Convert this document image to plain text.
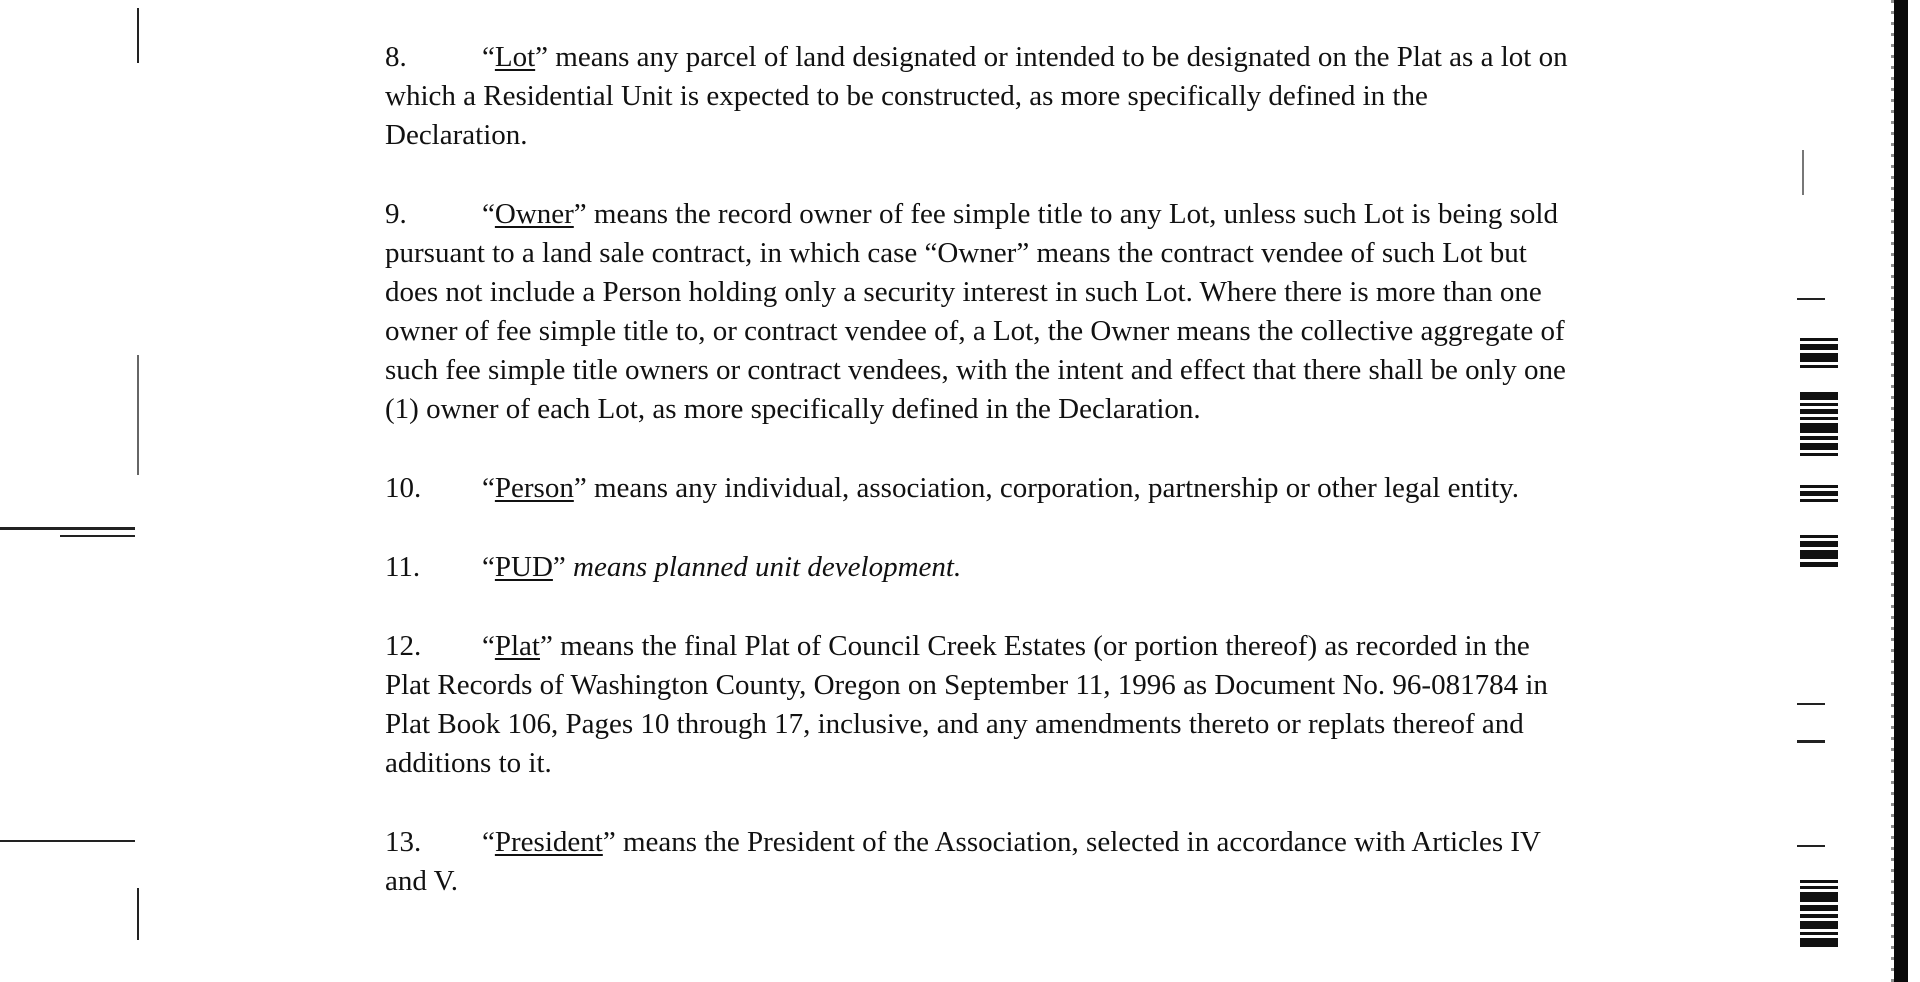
8.	“Lot” means any parcel of land designated or intended to be designated on the Plat as a lot on which a Residential Unit is expected to be constructed, as more specifically defined in the Declaration.

9.	“Owner” means the record owner of fee simple title to any Lot, unless such Lot is being sold pursuant to a land sale contract, in which case “Owner” means the contract vendee of such Lot but does not include a Person holding only a security interest in such Lot. Where there is more than one owner of fee simple title to, or contract vendee of, a Lot, the Owner means the collective aggregate of such fee simple title owners or contract vendees, with the intent and effect that there shall be only one (1) owner of each Lot, as more specifically defined in the Declaration.

10. “Person” means any individual, association, corporation, partnership or other legal entity.

11. “PUD” means planned unit development.

12. “Plat” means the final Plat of Council Creek Estates (or portion thereof) as recorded in the Plat Records of Washington County, Oregon on September 11, 1996 as Document No. 96-081784 in Plat Book 106, Pages 10 through 17, inclusive, and any amendments thereto or replats thereof and additions to it.

13. “President” means the President of the Association, selected in accordance with Articles IV and V.
